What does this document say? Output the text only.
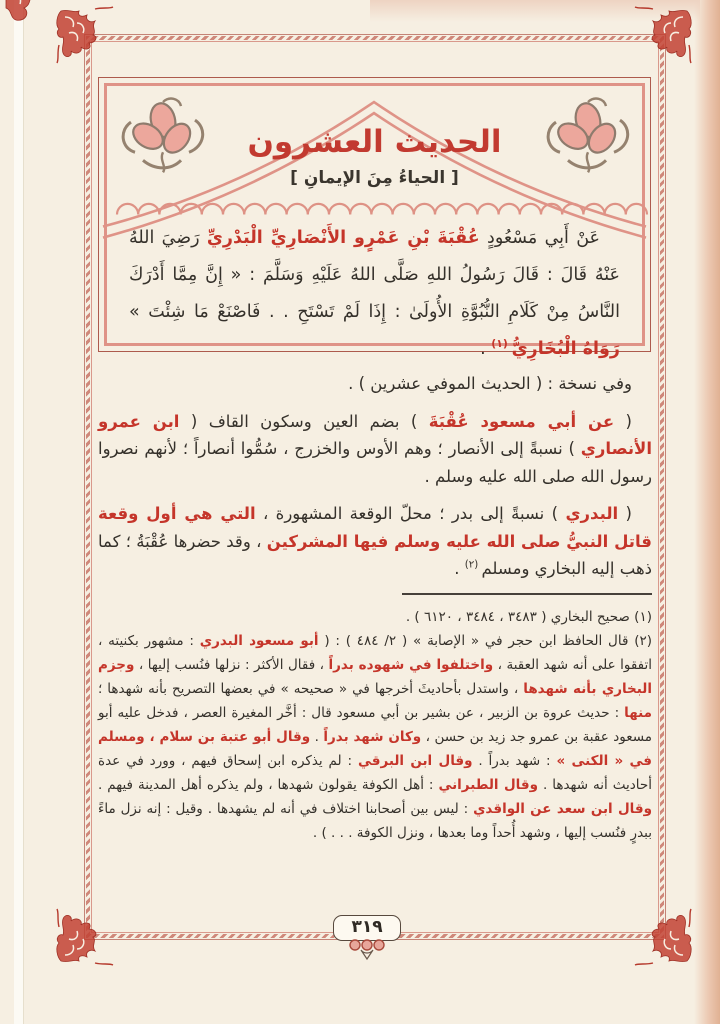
الحديث العشرون
[ الحياءُ مِنَ الإيمانِ ]
عَنْ أَبِي مَسْعُودٍ عُقْبَةَ بْنِ عَمْرٍو الأَنْصَارِيِّ الْبَدْرِيِّ رَضِيَ اللهُ عَنْهُ قَالَ : قَالَ رَسُولُ اللهِ صَلَّى اللهُ عَلَيْهِ وَسَلَّمَ : « إِنَّ مِمَّا أَدْرَكَ النَّاسُ مِنْ كَلَامِ النُّبُوَّةِ الأُولَىٰ : إِذَا لَمْ تَسْتَحِ . . فَاصْنَعْ مَا شِئْتَ » رَوَاهُ الْبُخَارِيُّ $^{(١)}$ .
وفي نسخة : ( الحديث الموفي عشرين ) .
( عن أبي مسعود عُقْبَةَ ) بضم العين وسكون القاف ( ابن عمرو الأنصاري ) نسبةً إلى الأنصار ؛ وهم الأوس والخزرج ، سُمُّوا أنصاراً ؛ لأنهم نصروا رسول الله صلى الله عليه وسلم .
( البدري ) نسبةً إلى بدر ؛ محلّ الوقعة المشهورة ، التي هي أول وقعة قاتل النبيُّ صلى الله عليه وسلم فيها المشركين ، وقد حضرها عُقْبَةُ ؛ كما ذهب إليه البخاري ومسلم $^{(٢)}$ .
(١) صحيح البخاري ( ٣٤٨٣ ، ٣٤٨٤ ، ٦١٢٠ ) .
(٢) قال الحافظ ابن حجر في « الإصابة » ( ٢/ ٤٨٤ ) : ( أبو مسعود البدري : مشهور بكنيته ، اتفقوا على أنه شهد العقبة ، واختلفوا في شهوده بدراً ، فقال الأكثر : نزلها فنُسب إليها ، وجزم البخاري بأنه شهدها ، واستدل بأحاديثَ أخرجها في « صحيحه » في بعضها التصريح بأنه شهدها ؛ منها : حديث عروة بن الزبير ، عن بشير بن أبي مسعود قال : أخَّر المغيرة العصر ، فدخل عليه أبو مسعود عقبة بن عمرو جد زيد بن حسن ، وكان شهد بدراً . وقال أبو عتبة بن سلام ، ومسلم في « الكنى » : شهد بدراً . وقال ابن البرقي : لم يذكره ابن إسحاق فيهم ، وورد في عدة أحاديث أنه شهدها . وقال الطبراني : أهل الكوفة يقولون شهدها ، ولم يذكره أهل المدينة فيهم . وقال ابن سعد عن الواقدي : ليس بين أصحابنا اختلاف في أنه لم يشهدها . وقيل : إنه نزل ماءً ببدرٍ فنُسب إليها ، وشهد أُحداً وما بعدها ، ونزل الكوفة . . . ) .
٣١٩
